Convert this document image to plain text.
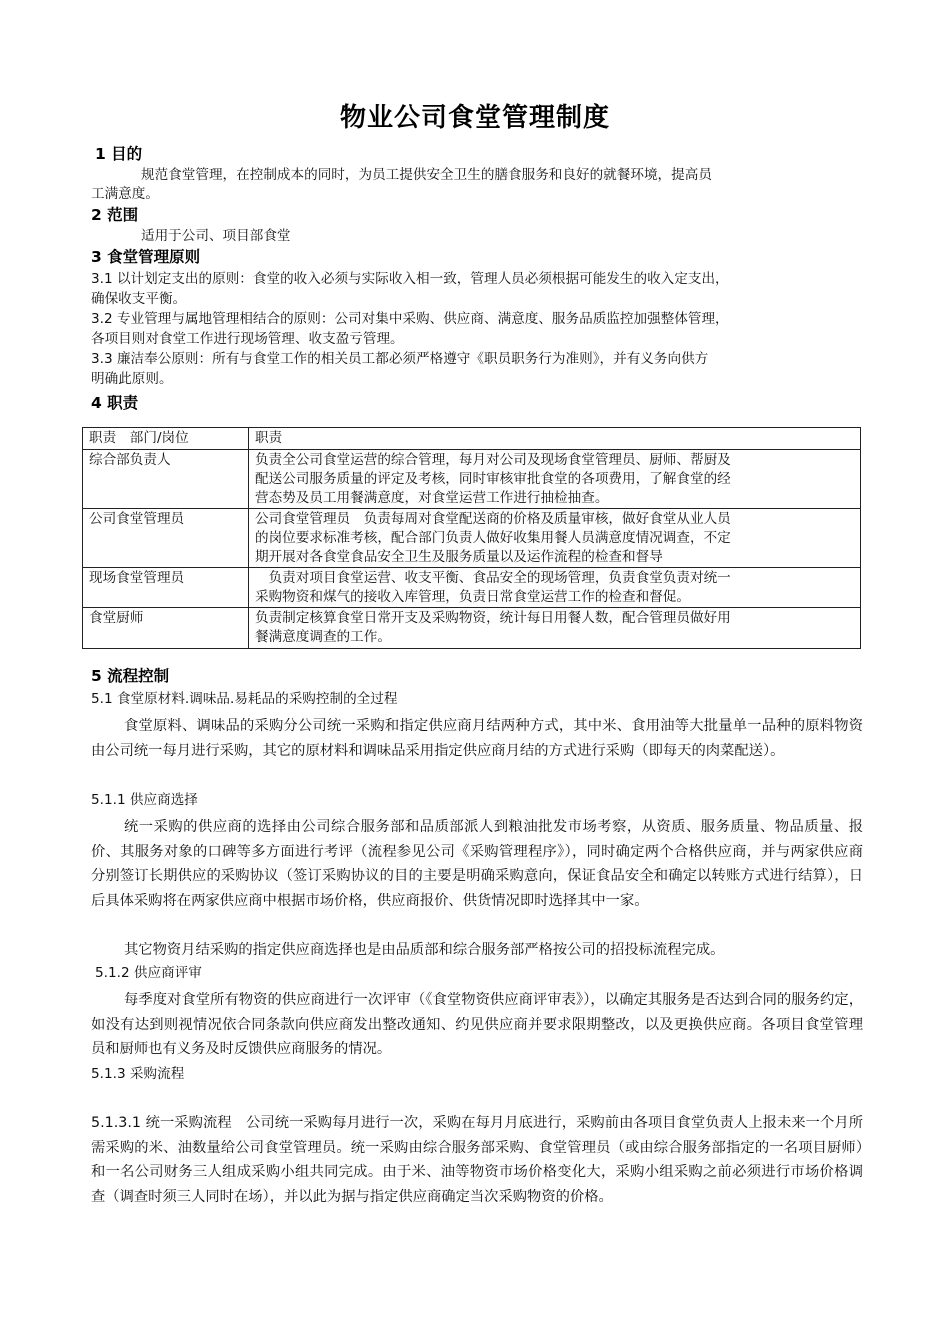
物业公司食堂管理制度
1 目的
规范食堂管理，在控制成本的同时，为员工提供安全卫生的膳食服务和良好的就餐环境，提高员
工满意度。
2 范围
适用于公司、项目部食堂
3 食堂管理原则
3.1 以计划定支出的原则：食堂的收入必须与实际收入相一致，管理人员必须根据可能发生的收入定支出，
确保收支平衡。
3.2 专业管理与属地管理相结合的原则：公司对集中采购、供应商、满意度、服务品质监控加强整体管理，
各项目则对食堂工作进行现场管理、收支盈亏管理。
3.3 廉洁奉公原则：所有与食堂工作的相关员工都必须严格遵守《职员职务行为准则》，并有义务向供方
明确此原则。
4 职责
职责　部门/岗位	职责
综合部负责人	负责全公司食堂运营的综合管理，每月对公司及现场食堂管理员、厨师、帮厨及
配送公司服务质量的评定及考核，同时审核审批食堂的各项费用，了解食堂的经
营态势及员工用餐满意度，对食堂运营工作进行抽检抽查。

公司食堂管理员	公司食堂管理员　负责每周对食堂配送商的价格及质量审核，做好食堂从业人员
的岗位要求标准考核，配合部门负责人做好收集用餐人员满意度情况调查，不定
期开展对各食堂食品安全卫生及服务质量以及运作流程的检查和督导

现场食堂管理员	　负责对项目食堂运营、收支平衡、食品安全的现场管理，负责食堂负责对统一
采购物资和煤气的接收入库管理，负责日常食堂运营工作的检查和督促。

食堂厨师	负责制定核算食堂日常开支及采购物资，统计每日用餐人数，配合管理员做好用
餐满意度调查的工作。
5 流程控制
5.1 食堂原材料.调味品.易耗品的采购控制的全过程
食堂原料、调味品的采购分公司统一采购和指定供应商月结两种方式，其中米、食用油等大批量单一品种的原料物资由公司统一每月进行采购，其它的原材料和调味品采用指定供应商月结的方式进行采购（即每天的肉菜配送）。
5.1.1 供应商选择
统一采购的供应商的选择由公司综合服务部和品质部派人到粮油批发市场考察，从资质、服务质量、物品质量、报价、其服务对象的口碑等多方面进行考评（流程参见公司《采购管理程序》），同时确定两个合格供应商，并与两家供应商分别签订长期供应的采购协议（签订采购协议的目的主要是明确采购意向，保证食品安全和确定以转账方式进行结算），日后具体采购将在两家供应商中根据市场价格，供应商报价、供货情况即时选择其中一家。
其它物资月结采购的指定供应商选择也是由品质部和综合服务部严格按公司的招投标流程完成。
5.1.2 供应商评审
每季度对食堂所有物资的供应商进行一次评审（《食堂物资供应商评审表》），以确定其服务是否达到合同的服务约定，如没有达到则视情况依合同条款向供应商发出整改通知、约见供应商并要求限期整改，以及更换供应商。各项目食堂管理员和厨师也有义务及时反馈供应商服务的情况。
5.1.3 采购流程
5.1.3.1 统一采购流程　公司统一采购每月进行一次，采购在每月月底进行，采购前由各项目食堂负责人上报未来一个月所需采购的米、油数量给公司食堂管理员。统一采购由综合服务部采购、食堂管理员（或由综合服务部指定的一名项目厨师）和一名公司财务三人组成采购小组共同完成。由于米、油等物资市场价格变化大，采购小组采购之前必须进行市场价格调查（调查时须三人同时在场），并以此为据与指定供应商确定当次采购物资的价格。
